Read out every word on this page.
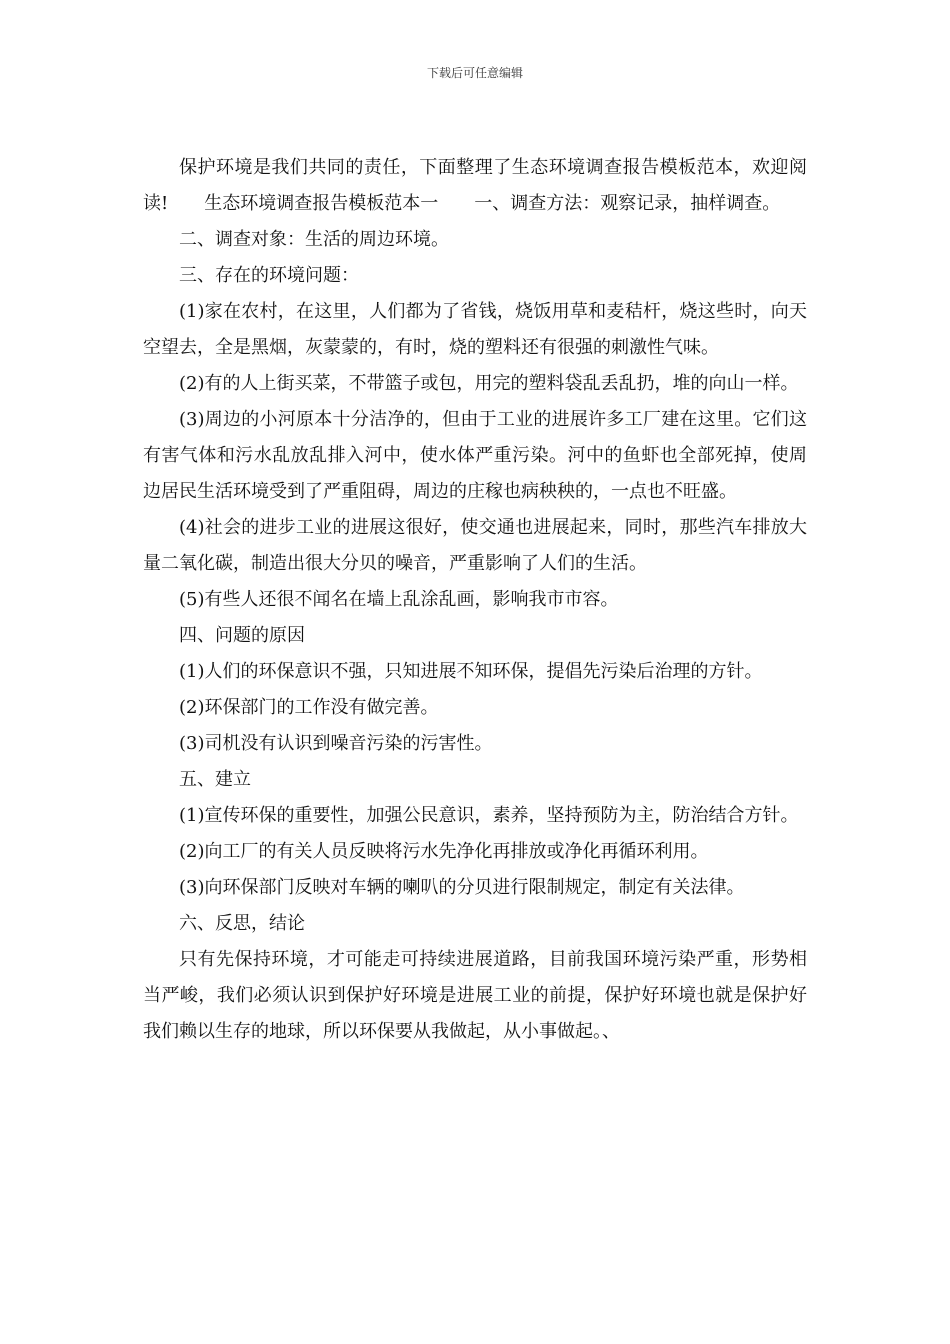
下载后可任意编辑

保护环境是我们共同的责任，下面整理了生态环境调查报告模板范本，欢迎阅读!　　生态环境调查报告模板范本一　　一、调查方法：观察记录，抽样调查。

二、调查对象：生活的周边环境。

三、存在的环境问题：

(1)家在农村，在这里，人们都为了省钱，烧饭用草和麦秸杆，烧这些时，向天空望去，全是黑烟，灰蒙蒙的，有时，烧的塑料还有很强的刺激性气味。

(2)有的人上街买菜，不带篮子或包，用完的塑料袋乱丢乱扔，堆的向山一样。

(3)周边的小河原本十分洁净的，但由于工业的进展许多工厂建在这里。它们这有害气体和污水乱放乱排入河中，使水体严重污染。河中的鱼虾也全部死掉，使周边居民生活环境受到了严重阻碍，周边的庄稼也病秧秧的，一点也不旺盛。

(4)社会的进步工业的进展这很好，使交通也进展起来，同时，那些汽车排放大量二氧化碳，制造出很大分贝的噪音，严重影响了人们的生活。

(5)有些人还很不闻名在墙上乱涂乱画，影响我市市容。

四、问题的原因

(1)人们的环保意识不强，只知进展不知环保，提倡先污染后治理的方针。

(2)环保部门的工作没有做完善。

(3)司机没有认识到噪音污染的污害性。

五、建立

(1)宣传环保的重要性，加强公民意识，素养，坚持预防为主，防治结合方针。

(2)向工厂的有关人员反映将污水先净化再排放或净化再循环利用。

(3)向环保部门反映对车辆的喇叭的分贝进行限制规定，制定有关法律。

六、反思，结论

只有先保持环境，才可能走可持续进展道路，目前我国环境污染严重，形势相当严峻，我们必须认识到保护好环境是进展工业的前提，保护好环境也就是保护好我们赖以生存的地球，所以环保要从我做起，从小事做起。、
